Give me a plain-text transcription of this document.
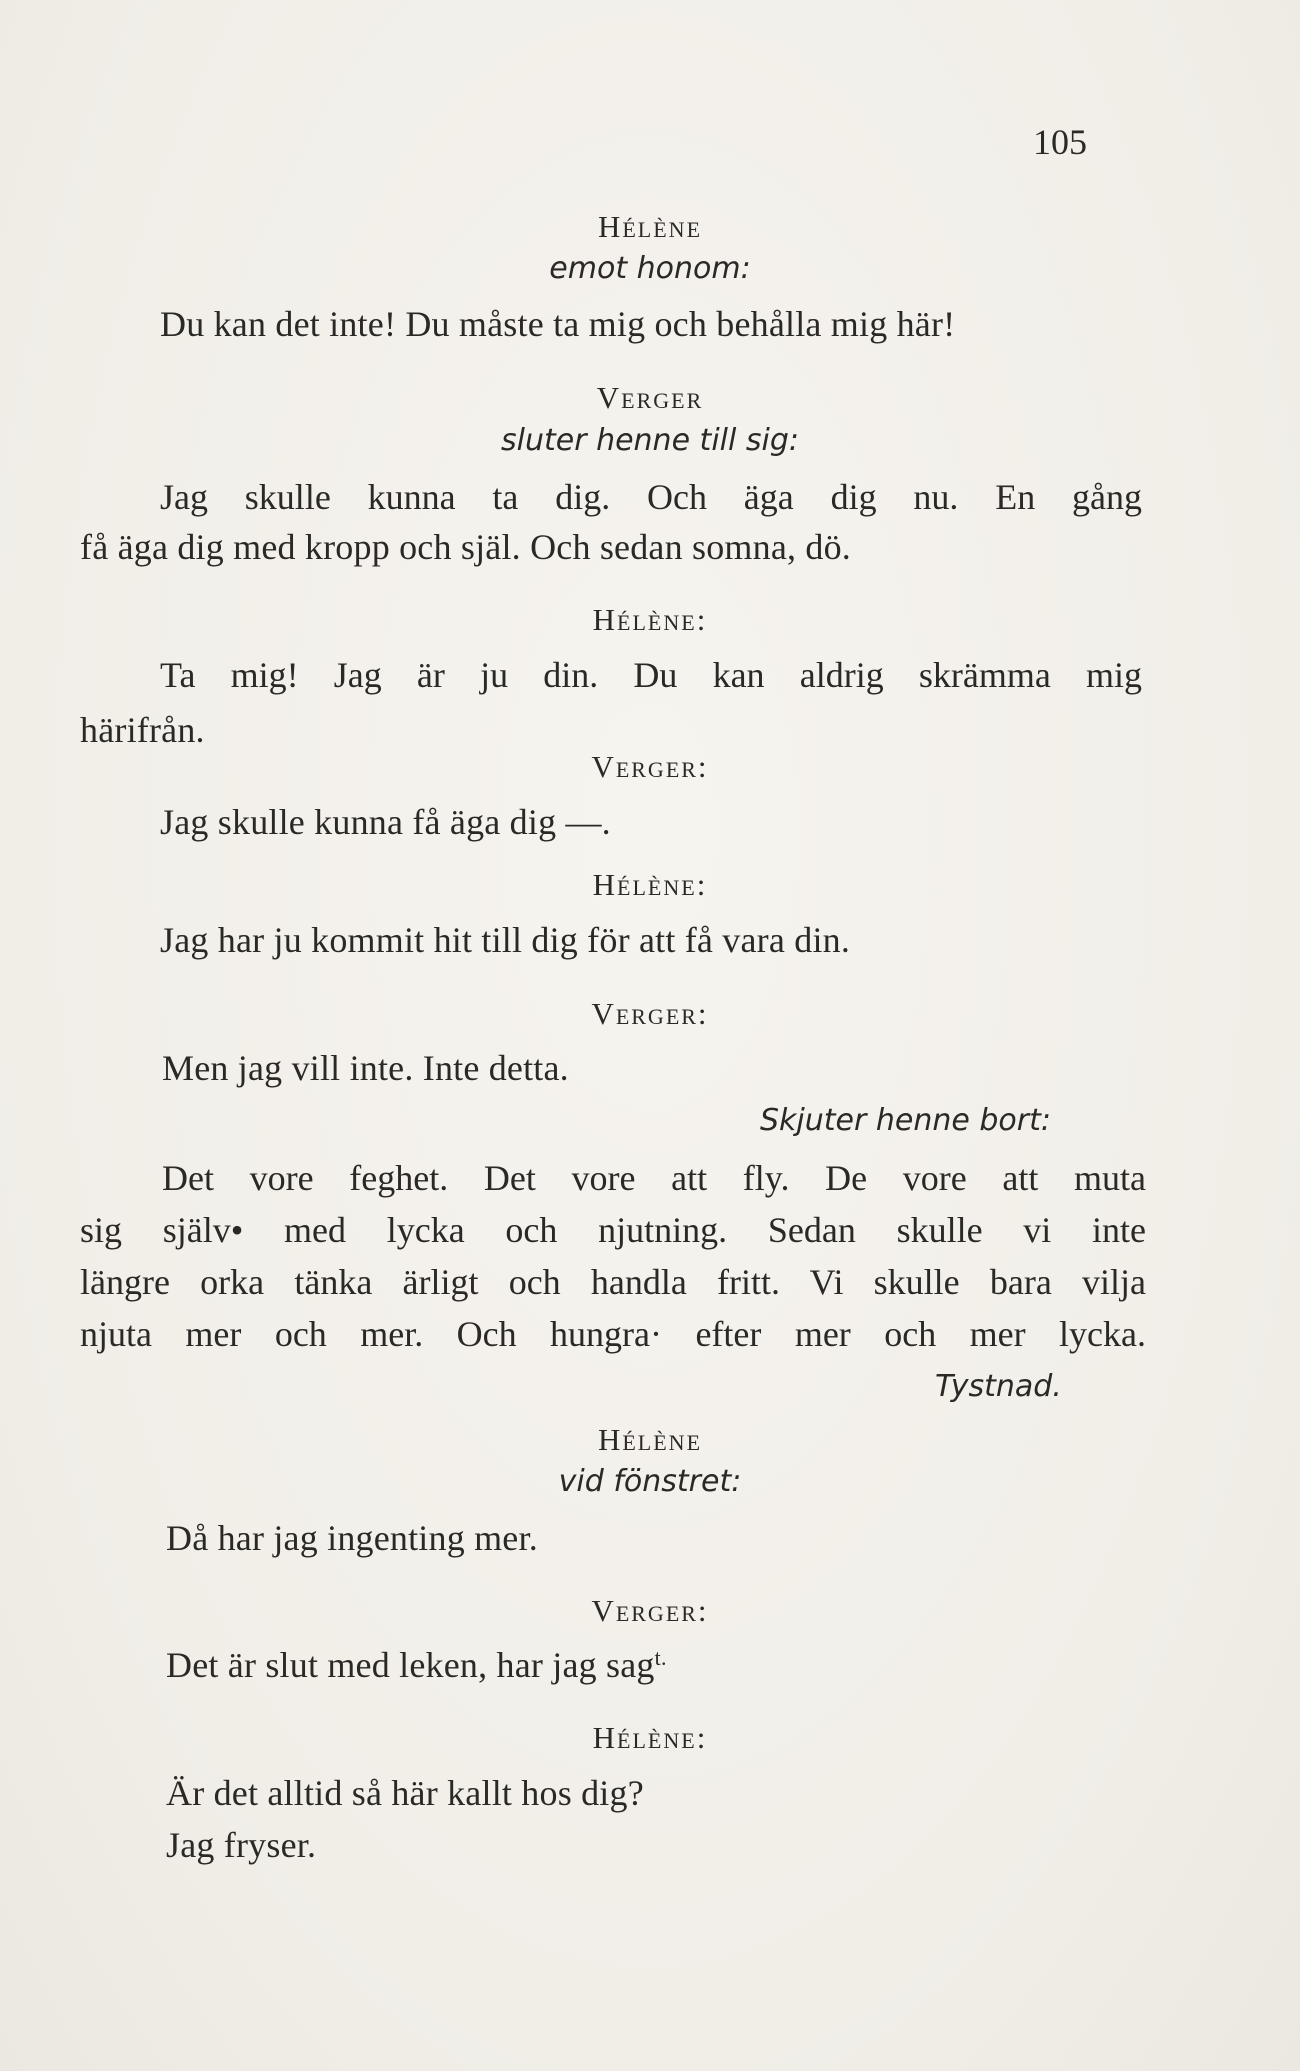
105
Hélène
emot honom:
Du kan det inte! Du måste ta mig och behålla mig här!
Verger
sluter henne till sig:
Jag skulle kunna ta dig. Och äga dig nu. En gång
få äga dig med kropp och själ. Och sedan somna, dö.
Hélène:
Ta mig! Jag är ju din. Du kan aldrig skrämma mig
härifrån.
Verger:
Jag skulle kunna få äga dig —.
Hélène:
Jag har ju kommit hit till dig för att få vara din.
Verger:
Men jag vill inte. Inte detta.
Skjuter henne bort:
Det vore feghet. Det vore att fly. De vore att muta
sig själv• med lycka och njutning. Sedan skulle vi inte
längre orka tänka ärligt och handla fritt. Vi skulle bara vilja
njuta mer och mer. Och hungra· efter mer och mer lycka.
Tystnad.
Hélène
vid fönstret:
Då har jag ingenting mer.
Verger:
Det är slut med leken, har jag sag$^{t.}$
Hélène:
Är det alltid så här kallt hos dig?
Jag fryser.
